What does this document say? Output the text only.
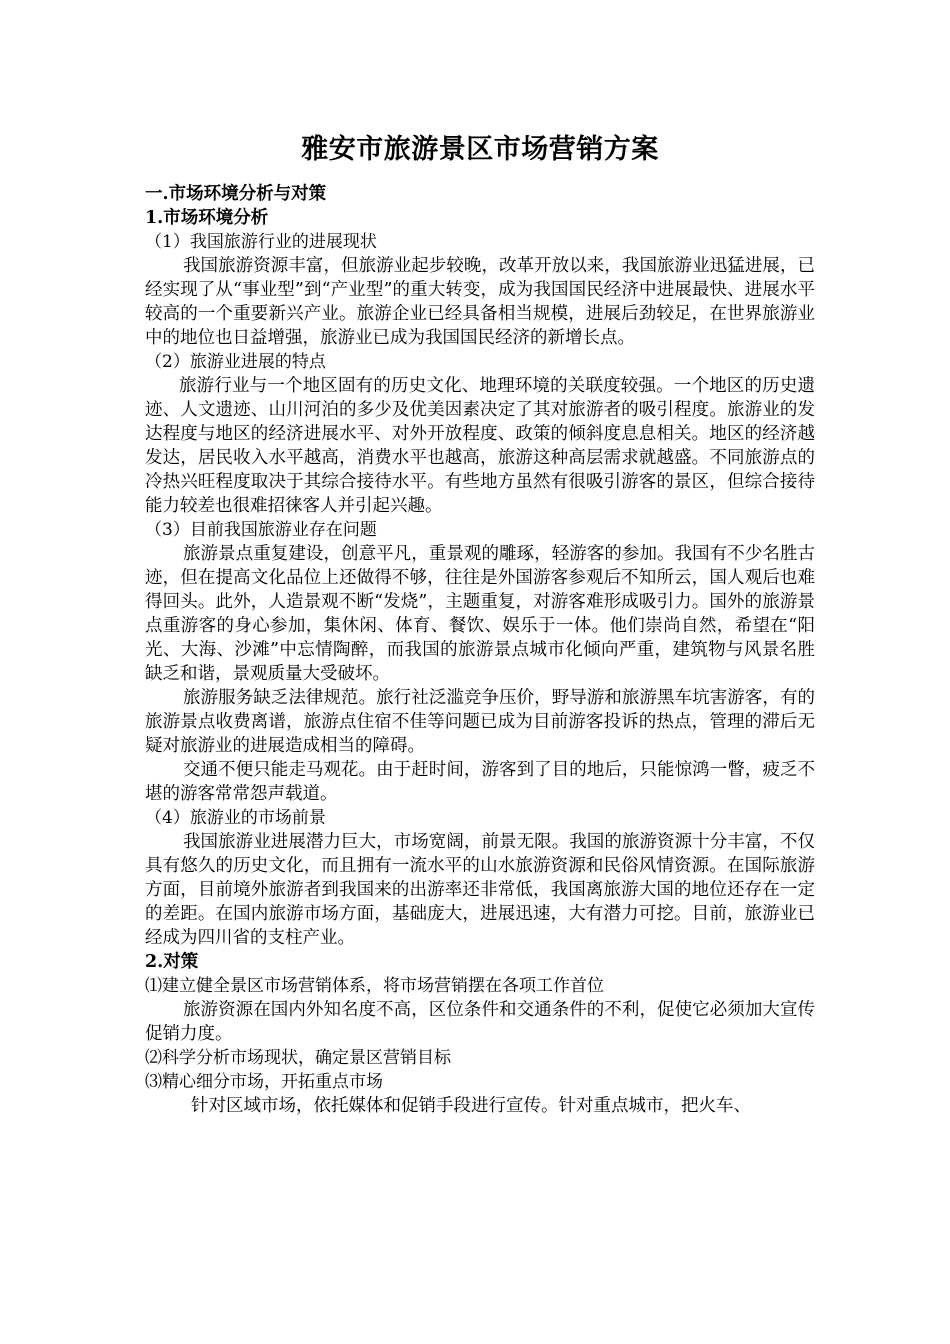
雅安市旅游景区市场营销方案

一.市场环境分析与对策

1.市场环境分析

（1）我国旅游行业的进展现状

我国旅游资源丰富，但旅游业起步较晚，改革开放以来，我国旅游业迅猛进展，已经实现了从“事业型”到“产业型”的重大转变，成为我国国民经济中进展最快、进展水平较高的一个重要新兴产业。旅游企业已经具备相当规模，进展后劲较足，在世界旅游业中的地位也日益增强，旅游业已成为我国国民经济的新增长点。

（2）旅游业进展的特点

旅游行业与一个地区固有的历史文化、地理环境的关联度较强。一个地区的历史遗迹、人文遗迹、山川河泊的多少及优美因素决定了其对旅游者的吸引程度。旅游业的发达程度与地区的经济进展水平、对外开放程度、政策的倾斜度息息相关。地区的经济越发达，居民收入水平越高，消费水平也越高，旅游这种高层需求就越盛。不同旅游点的冷热兴旺程度取决于其综合接待水平。有些地方虽然有很吸引游客的景区，但综合接待能力较差也很难招徕客人并引起兴趣。

（3）目前我国旅游业存在问题

旅游景点重复建设，创意平凡，重景观的雕琢，轻游客的参加。我国有不少名胜古迹，但在提高文化品位上还做得不够，往往是外国游客参观后不知所云，国人观后也难得回头。此外，人造景观不断“发烧”，主题重复，对游客难形成吸引力。国外的旅游景点重游客的身心参加，集休闲、体育、餐饮、娱乐于一体。他们崇尚自然，希望在“阳光、大海、沙滩”中忘情陶醉，而我国的旅游景点城市化倾向严重，建筑物与风景名胜缺乏和谐，景观质量大受破坏。

旅游服务缺乏法律规范。旅行社泛滥竞争压价，野导游和旅游黑车坑害游客，有的旅游景点收费离谱，旅游点住宿不佳等问题已成为目前游客投诉的热点，管理的滞后无疑对旅游业的进展造成相当的障碍。

交通不便只能走马观花。由于赶时间，游客到了目的地后，只能惊鸿一瞥，疲乏不堪的游客常常怨声载道。

（4）旅游业的市场前景

我国旅游业进展潜力巨大，市场宽阔，前景无限。我国的旅游资源十分丰富，不仅具有悠久的历史文化，而且拥有一流水平的山水旅游资源和民俗风情资源。在国际旅游方面，目前境外旅游者到我国来的出游率还非常低，我国离旅游大国的地位还存在一定的差距。在国内旅游市场方面，基础庞大，进展迅速，大有潜力可挖。目前，旅游业已经成为四川省的支柱产业。

2.对策

⑴建立健全景区市场营销体系，将市场营销摆在各项工作首位

旅游资源在国内外知名度不高，区位条件和交通条件的不利，促使它必须加大宣传促销力度。

⑵科学分析市场现状，确定景区营销目标

⑶精心细分市场，开拓重点市场

针对区域市场，依托媒体和促销手段进行宣传。针对重点城市，把火车、
